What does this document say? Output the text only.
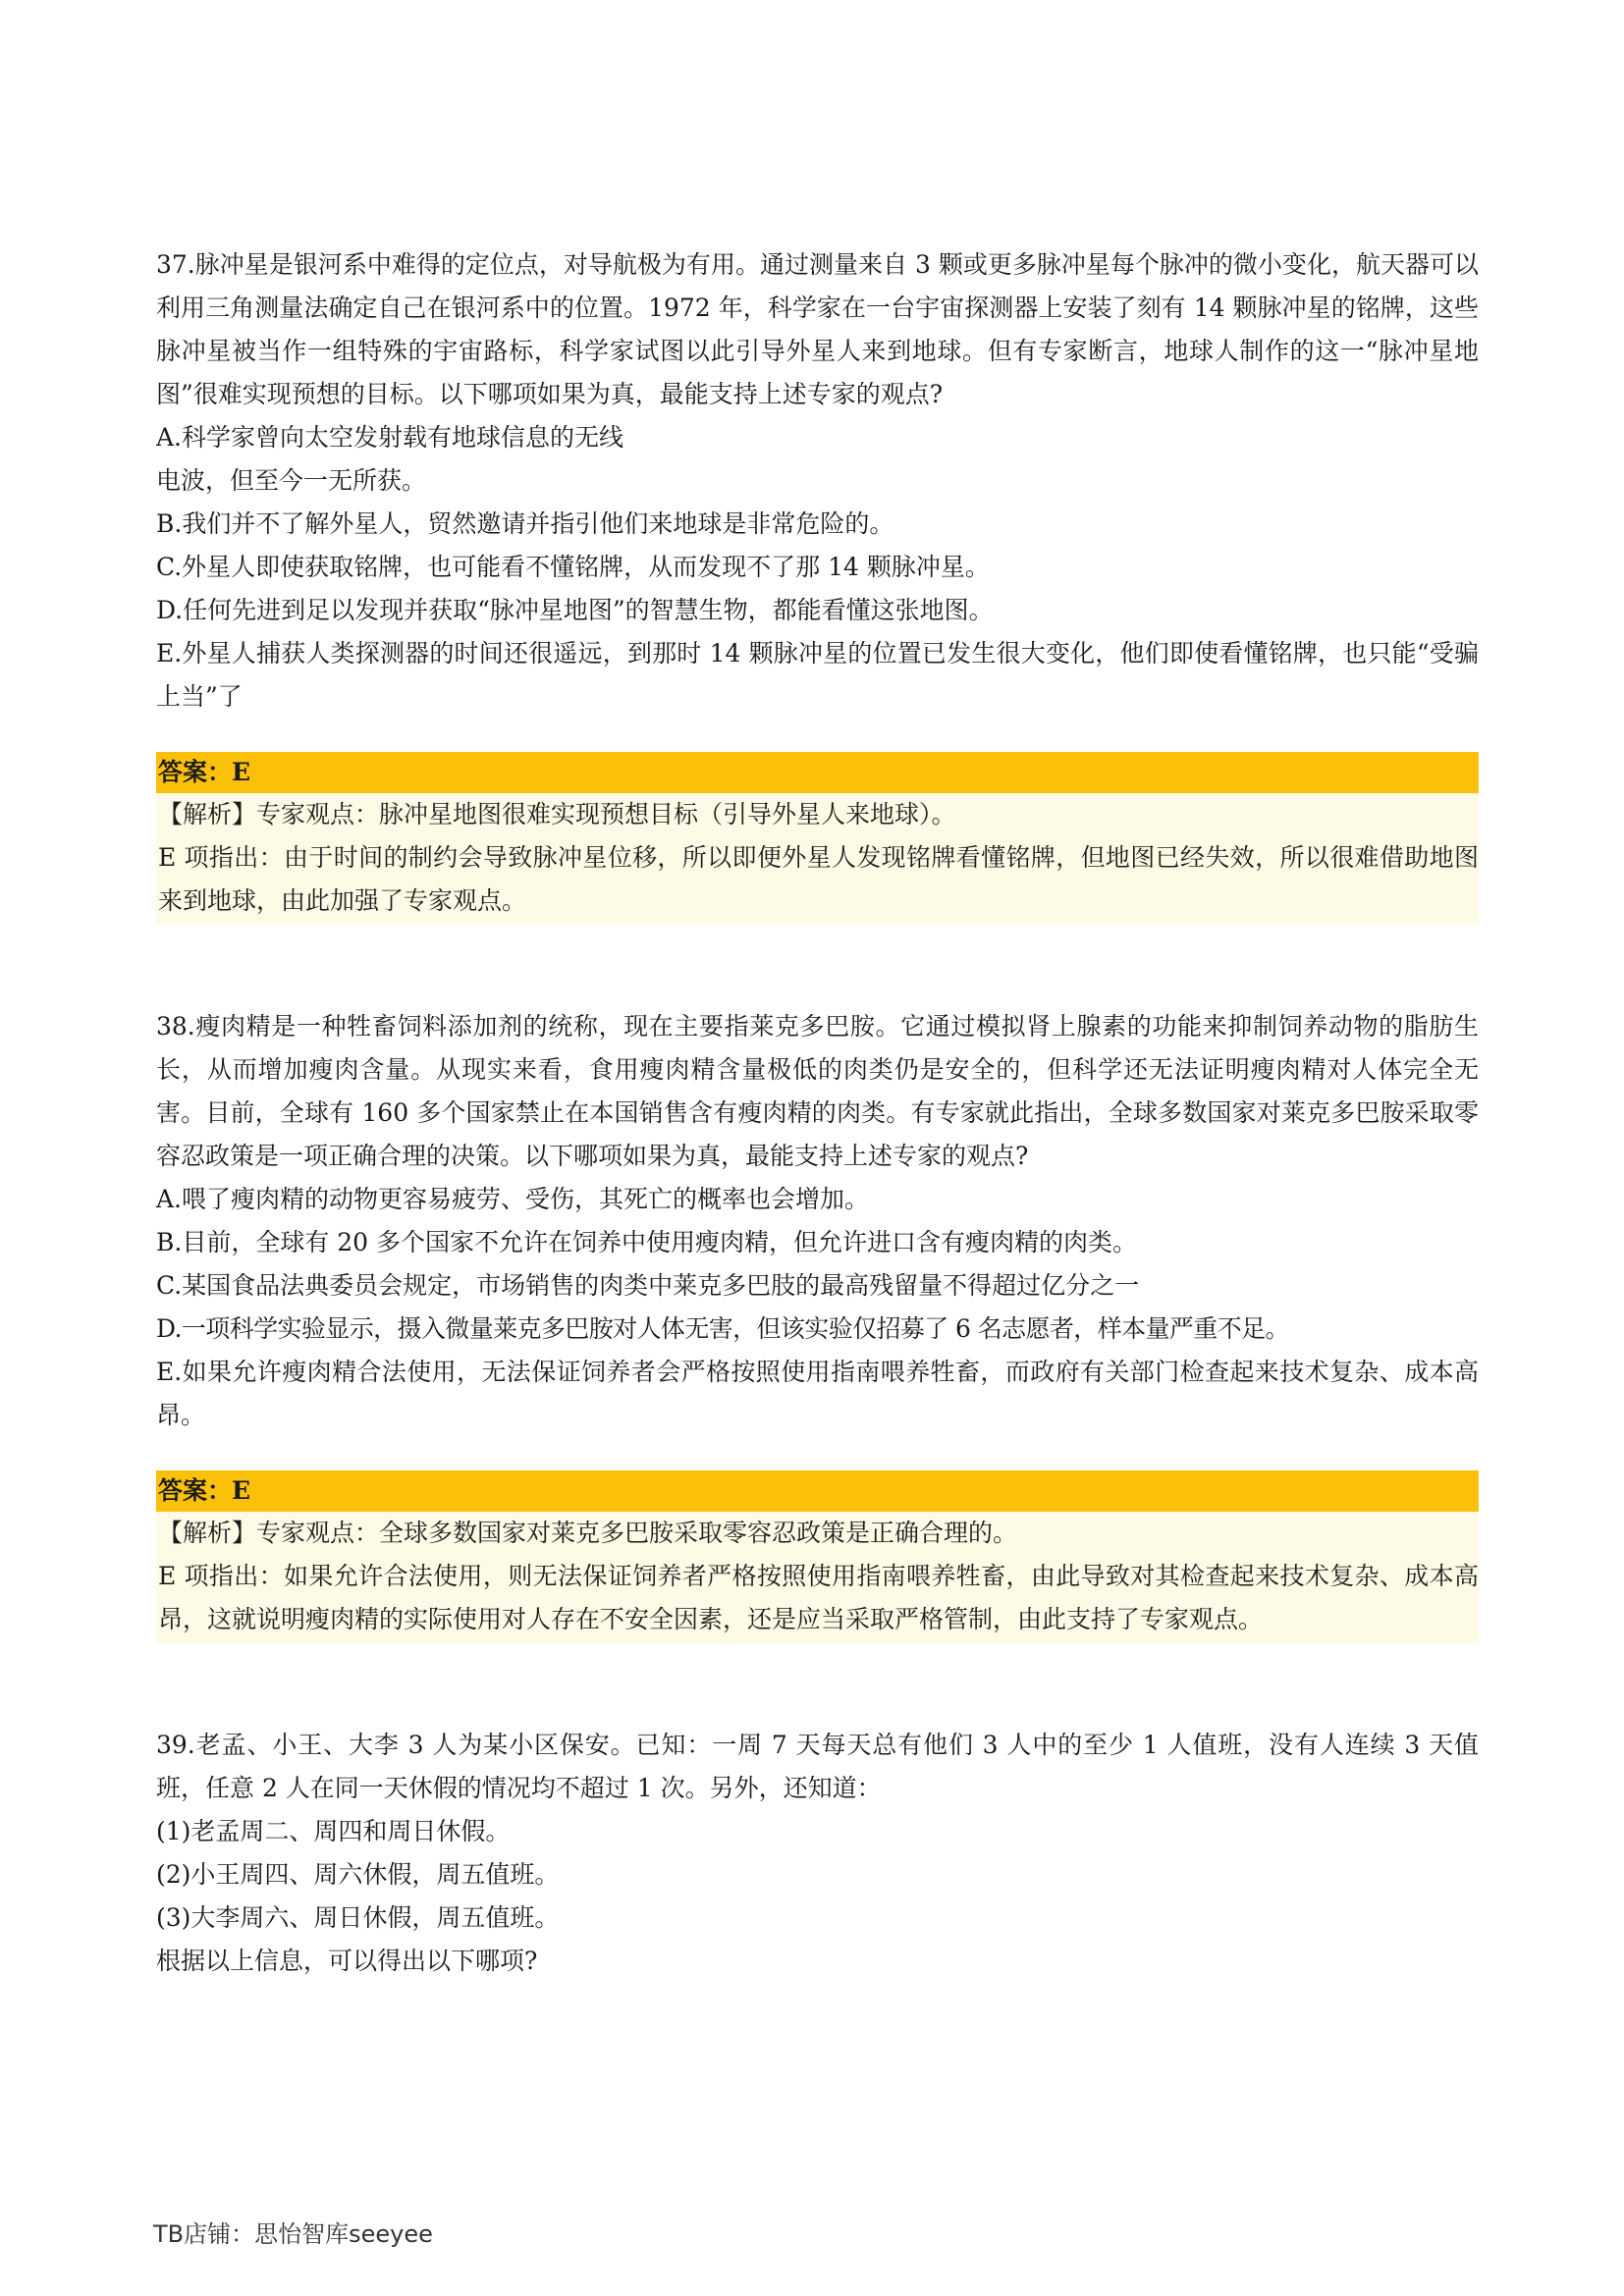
37.脉冲星是银河系中难得的定位点，对导航极为有用。通过测量来自 3 颗或更多脉冲星每个脉冲的微小变化，航天器可以利用三角测量法确定自己在银河系中的位置。1972 年，科学家在一台宇宙探测器上安装了刻有 14 颗脉冲星的铭牌，这些脉冲星被当作一组特殊的宇宙路标，科学家试图以此引导外星人来到地球。但有专家断言，地球人制作的这一“脉冲星地图”很难实现预想的目标。以下哪项如果为真，最能支持上述专家的观点?

A.科学家曾向太空发射载有地球信息的无线

电波，但至今一无所获。

B.我们并不了解外星人，贸然邀请并指引他们来地球是非常危险的。

C.外星人即使获取铭牌，也可能看不懂铭牌，从而发现不了那 14 颗脉冲星。

D.任何先进到足以发现并获取“脉冲星地图”的智慧生物，都能看懂这张地图。

E.外星人捕获人类探测器的时间还很遥远，到那时 14 颗脉冲星的位置已发生很大变化，他们即使看懂铭牌，也只能“受骗上当”了

答案：E

【解析】专家观点：脉冲星地图很难实现预想目标（引导外星人来地球）。

E 项指出：由于时间的制约会导致脉冲星位移，所以即便外星人发现铭牌看懂铭牌，但地图已经失效，所以很难借助地图来到地球，由此加强了专家观点。

38.瘦肉精是一种牲畜饲料添加剂的统称，现在主要指莱克多巴胺。它通过模拟肾上腺素的功能来抑制饲养动物的脂肪生长，从而增加瘦肉含量。从现实来看，食用瘦肉精含量极低的肉类仍是安全的，但科学还无法证明瘦肉精对人体完全无害。目前，全球有 160 多个国家禁止在本国销售含有瘦肉精的肉类。有专家就此指出，全球多数国家对莱克多巴胺采取零容忍政策是一项正确合理的决策。以下哪项如果为真，最能支持上述专家的观点?

A.喂了瘦肉精的动物更容易疲劳、受伤，其死亡的概率也会增加。

B.目前，全球有 20 多个国家不允许在饲养中使用瘦肉精，但允许进口含有瘦肉精的肉类。

C.某国食品法典委员会规定，市场销售的肉类中莱克多巴肢的最高残留量不得超过亿分之一

D.一项科学实验显示，摄入微量莱克多巴胺对人体无害，但该实验仅招募了 6 名志愿者，样本量严重不足。

E.如果允许瘦肉精合法使用，无法保证饲养者会严格按照使用指南喂养牲畜，而政府有关部门检查起来技术复杂、成本高昂。

答案：E

【解析】专家观点：全球多数国家对莱克多巴胺采取零容忍政策是正确合理的。

E 项指出：如果允许合法使用，则无法保证饲养者严格按照使用指南喂养牲畜，由此导致对其检查起来技术复杂、成本高昂，这就说明瘦肉精的实际使用对人存在不安全因素，还是应当采取严格管制，由此支持了专家观点。

39.老孟、小王、大李 3 人为某小区保安。已知：一周 7 天每天总有他们 3 人中的至少 1 人值班，没有人连续 3 天值班，任意 2 人在同一天休假的情况均不超过 1 次。另外，还知道：

(1)老孟周二、周四和周日休假。

(2)小王周四、周六休假，周五值班。

(3)大李周六、周日休假，周五值班。

根据以上信息，可以得出以下哪项?

TB店铺：思怡智库seeyee
